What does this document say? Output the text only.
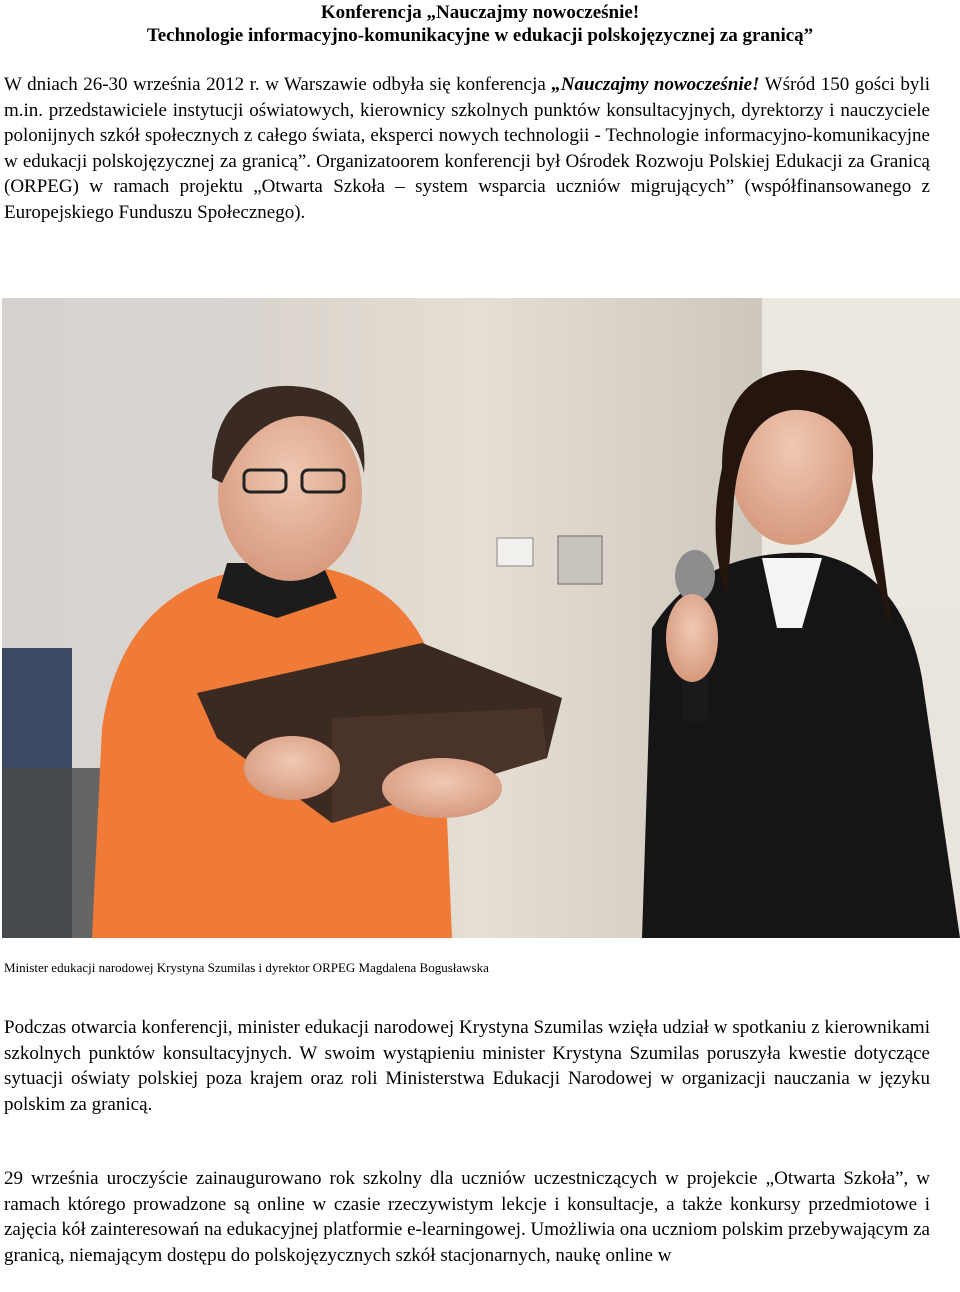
Konferencja „Nauczajmy nowocześnie!
Technologie informacyjno-komunikacyjne w edukacji polskojęzycznej za granicą”
W dniach 26-30 września 2012 r. w Warszawie odbyła się konferencja „Nauczajmy nowocześnie! Wśród 150 gości byli m.in. przedstawiciele instytucji oświatowych, kierownicy szkolnych punktów konsultacyjnych, dyrektorzy i nauczyciele polonijnych szkół społecznych z całego świata, eksperci nowych technologii - Technologie informacyjno-komunikacyjne w edukacji polskojęzycznej za granicą”. Organizatoorem konferencji był Ośrodek Rozwoju Polskiej Edukacji za Granicą (ORPEG) w ramach projektu „Otwarta Szkoła – system wsparcia uczniów migrujących” (współfinansowanego z Europejskiego Funduszu Społecznego).
Minister edukacji narodowej Krystyna Szumilas i dyrektor ORPEG Magdalena Bogusławska
Podczas otwarcia konferencji, minister edukacji narodowej Krystyna Szumilas wzięła udział w spotkaniu z kierownikami szkolnych punktów konsultacyjnych. W swoim wystąpieniu minister Krystyna Szumilas poruszyła kwestie dotyczące sytuacji oświaty polskiej poza krajem oraz roli Ministerstwa Edukacji Narodowej w organizacji nauczania w języku polskim za granicą.
29 września uroczyście zainaugurowano rok szkolny dla uczniów uczestniczących w projekcie „Otwarta Szkoła”, w ramach którego prowadzone są online w czasie rzeczywistym lekcje i konsultacje, a także konkursy przedmiotowe i zajęcia kół zainteresowań na edukacyjnej platformie e-learningowej. Umożliwia ona uczniom polskim przebywającym za granicą, niemającym dostępu do polskojęzycznych szkół stacjonarnych, naukę online w
